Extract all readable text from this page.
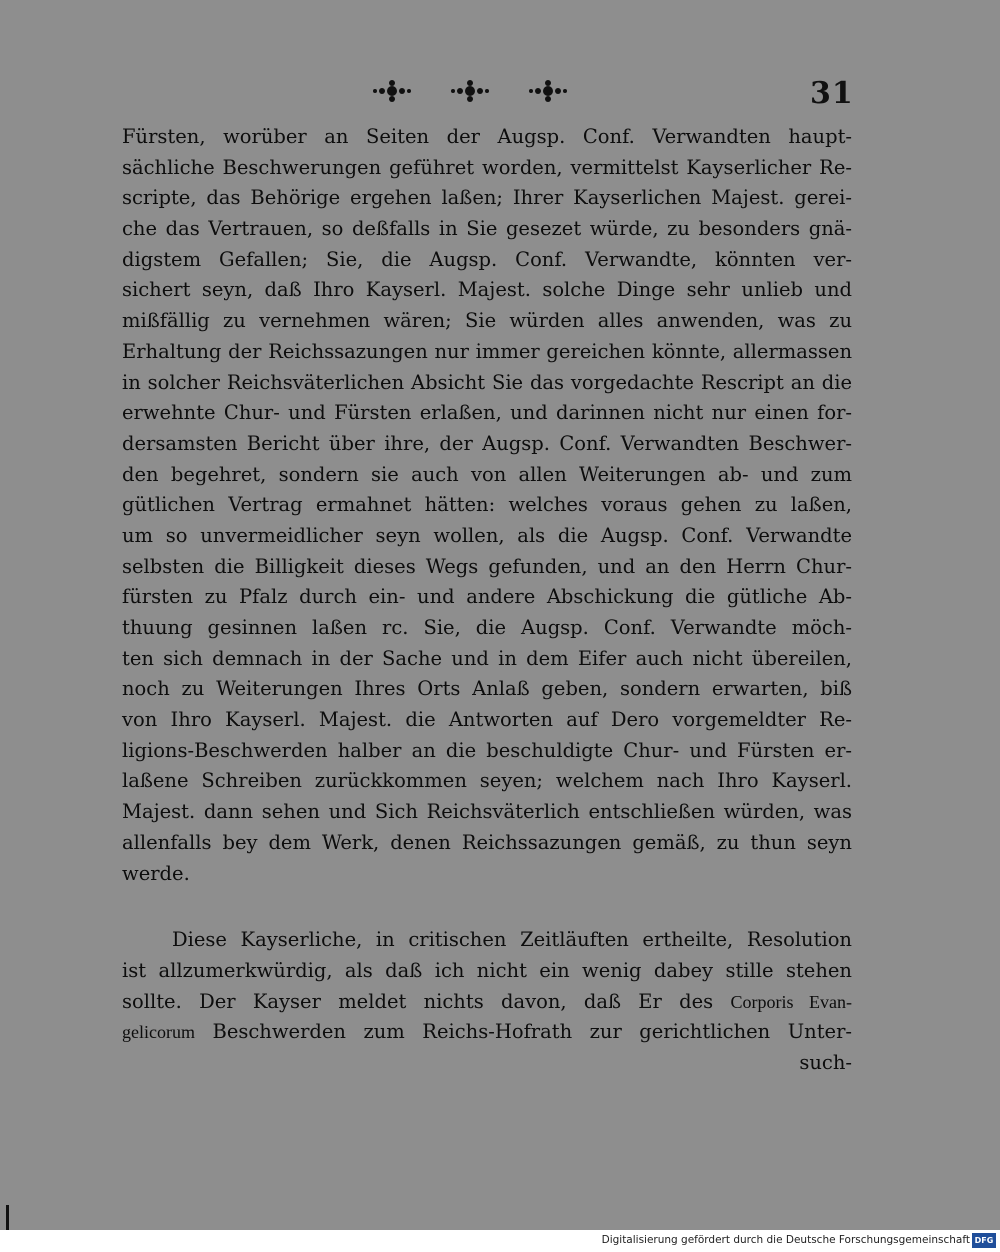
31
Fürsten, worüber an Seiten der Augsp. Conf. Verwandten haupt-
sächliche Beschwerungen geführet worden, vermittelst Kayserlicher Re-
scripte, das Behörige ergehen laßen; Ihrer Kayserlichen Majest. gerei-
che das Vertrauen, so deßfalls in Sie gesezet würde, zu besonders gnä-
digstem Gefallen; Sie, die Augsp. Conf. Verwandte, könnten ver-
sichert seyn, daß Ihro Kayserl. Majest. solche Dinge sehr unlieb und
mißfällig zu vernehmen wären; Sie würden alles anwenden, was zu
Erhaltung der Reichssazungen nur immer gereichen könnte, allermassen
in solcher Reichsväterlichen Absicht Sie das vorgedachte Rescript an die
erwehnte Chur- und Fürsten erlaßen, und darinnen nicht nur einen for-
dersamsten Bericht über ihre, der Augsp. Conf. Verwandten Beschwer-
den begehret, sondern sie auch von allen Weiterungen ab- und zum
gütlichen Vertrag ermahnet hätten: welches voraus gehen zu laßen,
um so unvermeidlicher seyn wollen, als die Augsp. Conf. Verwandte
selbsten die Billigkeit dieses Wegs gefunden, und an den Herrn Chur-
fürsten zu Pfalz durch ein- und andere Abschickung die gütliche Ab-
thuung gesinnen laßen rc. Sie, die Augsp. Conf. Verwandte möch-
ten sich demnach in der Sache und in dem Eifer auch nicht übereilen,
noch zu Weiterungen Ihres Orts Anlaß geben, sondern erwarten, biß
von Ihro Kayserl. Majest. die Antworten auf Dero vorgemeldter Re-
ligions-Beschwerden halber an die beschuldigte Chur- und Fürsten er-
laßene Schreiben zurückkommen seyen; welchem nach Ihro Kayserl.
Majest. dann sehen und Sich Reichsväterlich entschließen würden, was
allenfalls bey dem Werk, denen Reichssazungen gemäß, zu thun seyn
werde.
Diese Kayserliche, in critischen Zeitläuften ertheilte, Resolution
ist allzumerkwürdig, als daß ich nicht ein wenig dabey stille stehen
sollte. Der Kayser meldet nichts davon, daß Er des Corporis Evan-
gelicorum Beschwerden zum Reichs-Hofrath zur gerichtlichen Unter-
such-
Digitalisierung gefördert durch die Deutsche Forschungsgemeinschaft DFG
